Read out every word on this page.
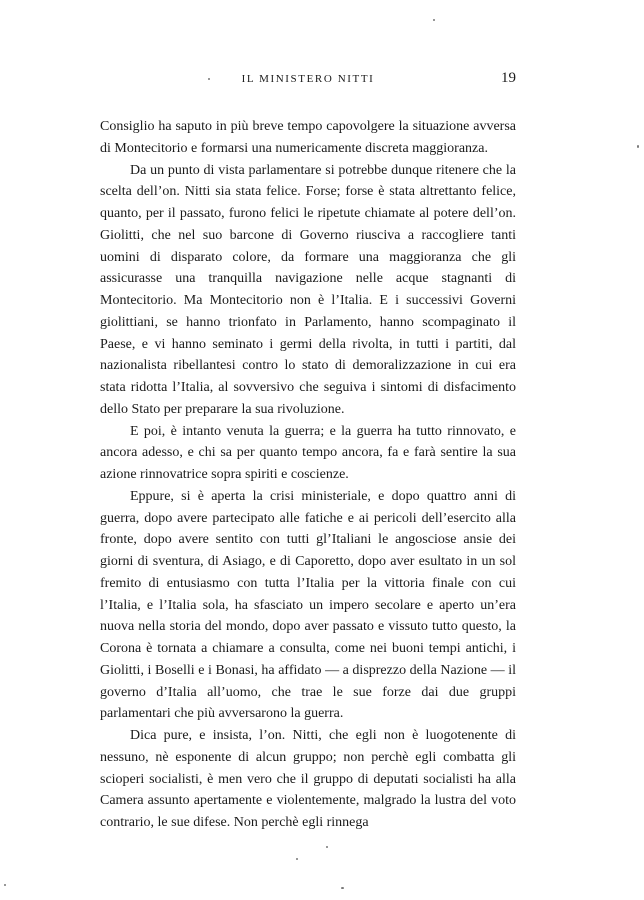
IL MINISTERO NITTI	19

Consiglio ha saputo in più breve tempo capovolgere la situazione avversa di Montecitorio e formarsi una numericamente discreta maggioranza.

Da un punto di vista parlamentare si potrebbe dunque ritenere che la scelta dell’on. Nitti sia stata felice. Forse; forse è stata altrettanto felice, quanto, per il passato, furono felici le ripetute chiamate al potere dell’on. Giolitti, che nel suo barcone di Governo riusciva a raccogliere tanti uomini di disparato colore, da formare una maggioranza che gli assicurasse una tranquilla navigazione nelle acque stagnanti di Montecitorio. Ma Montecitorio non è l’Italia. E i successivi Governi giolittiani, se hanno trionfato in Parlamento, hanno scompaginato il Paese, e vi hanno seminato i germi della rivolta, in tutti i partiti, dal nazionalista ribellantesi contro lo stato di demoralizzazione in cui era stata ridotta l’Italia, al sovversivo che seguiva i sintomi di disfacimento dello Stato per preparare la sua rivoluzione.

E poi, è intanto venuta la guerra; e la guerra ha tutto rinnovato, e ancora adesso, e chi sa per quanto tempo ancora, fa e farà sentire la sua azione rinnovatrice sopra spiriti e coscienze.

Eppure, si è aperta la crisi ministeriale, e dopo quattro anni di guerra, dopo avere partecipato alle fatiche e ai pericoli dell’esercito alla fronte, dopo avere sentito con tutti gl’Italiani le angosciose ansie dei giorni di sventura, di Asiago, e di Caporetto, dopo aver esultato in un sol fremito di entusiasmo con tutta l’Italia per la vittoria finale con cui l’Italia, e l’Italia sola, ha sfasciato un impero secolare e aperto un’era nuova nella storia del mondo, dopo aver passato e vissuto tutto questo, la Corona è tornata a chiamare a consulta, come nei buoni tempi antichi, i Giolitti, i Boselli e i Bonasi, ha affidato — a disprezzo della Nazione — il governo d’Italia all’uomo, che trae le sue forze dai due gruppi parlamentari che più avversarono la guerra.

Dica pure, e insista, l’on. Nitti, che egli non è luogotenente di nessuno, nè esponente di alcun gruppo; non perchè egli combatta gli scioperi socialisti, è men vero che il gruppo di deputati socialisti ha alla Camera assunto apertamente e violentemente, malgrado la lustra del voto contrario, le sue difese. Non perchè egli rinnega
